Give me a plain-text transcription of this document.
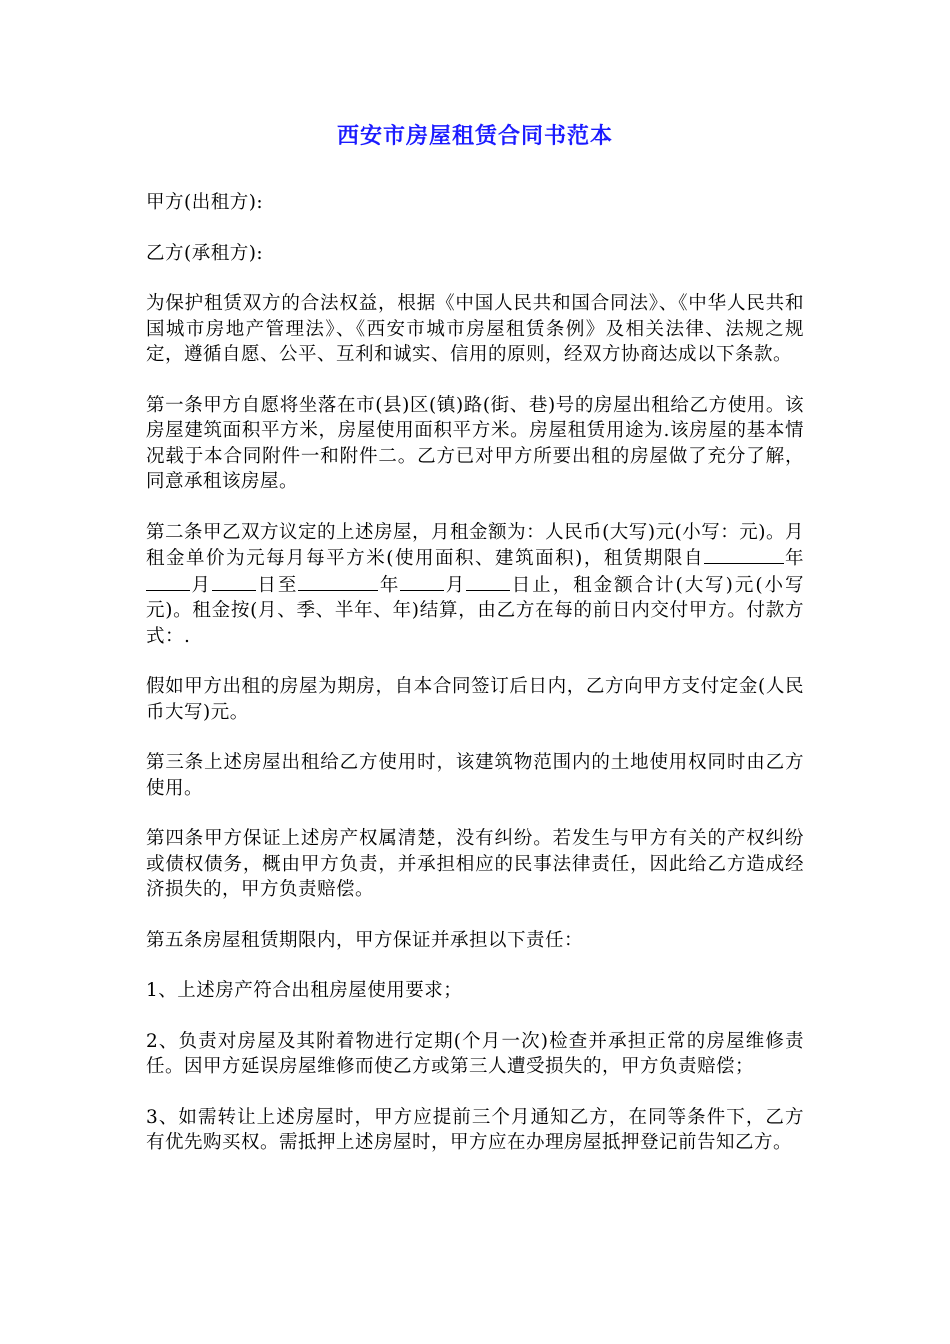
西安市房屋租赁合同书范本

甲方(出租方):

乙方(承租方):

为保护租赁双方的合法权益，根据《中国人民共和国合同法》、《中华人民共和国城市房地产管理法》、《西安市城市房屋租赁条例》及相关法律、法规之规定，遵循自愿、公平、互利和诚实、信用的原则，经双方协商达成以下条款。

第一条甲方自愿将坐落在市(县)区(镇)路(街、巷)号的房屋出租给乙方使用。该房屋建筑面积平方米，房屋使用面积平方米。房屋租赁用途为.该房屋的基本情况载于本合同附件一和附件二。乙方已对甲方所要出租的房屋做了充分了解，同意承租该房屋。

第二条甲乙双方议定的上述房屋，月租金额为：人民币(大写)元(小写：元)。月租金单价为元每月每平方米(使用面积、建筑面积)，租赁期限自	年月 日至	年 月 日止，租金额合计(大写)元(小写元)。租金按(月、季、半年、年)结算，由乙方在每的前日内交付甲方。付款方式：.

假如甲方出租的房屋为期房，自本合同签订后日内，乙方向甲方支付定金(人民币大写)元。

第三条上述房屋出租给乙方使用时，该建筑物范围内的土地使用权同时由乙方使用。

第四条甲方保证上述房产权属清楚，没有纠纷。若发生与甲方有关的产权纠纷或债权债务，概由甲方负责，并承担相应的民事法律责任，因此给乙方造成经济损失的，甲方负责赔偿。

第五条房屋租赁期限内，甲方保证并承担以下责任：

1、上述房产符合出租房屋使用要求；

2、负责对房屋及其附着物进行定期(个月一次)检查并承担正常的房屋维修责任。因甲方延误房屋维修而使乙方或第三人遭受损失的，甲方负责赔偿；

3、如需转让上述房屋时，甲方应提前三个月通知乙方，在同等条件下，乙方有优先购买权。需抵押上述房屋时，甲方应在办理房屋抵押登记前告知乙方。
